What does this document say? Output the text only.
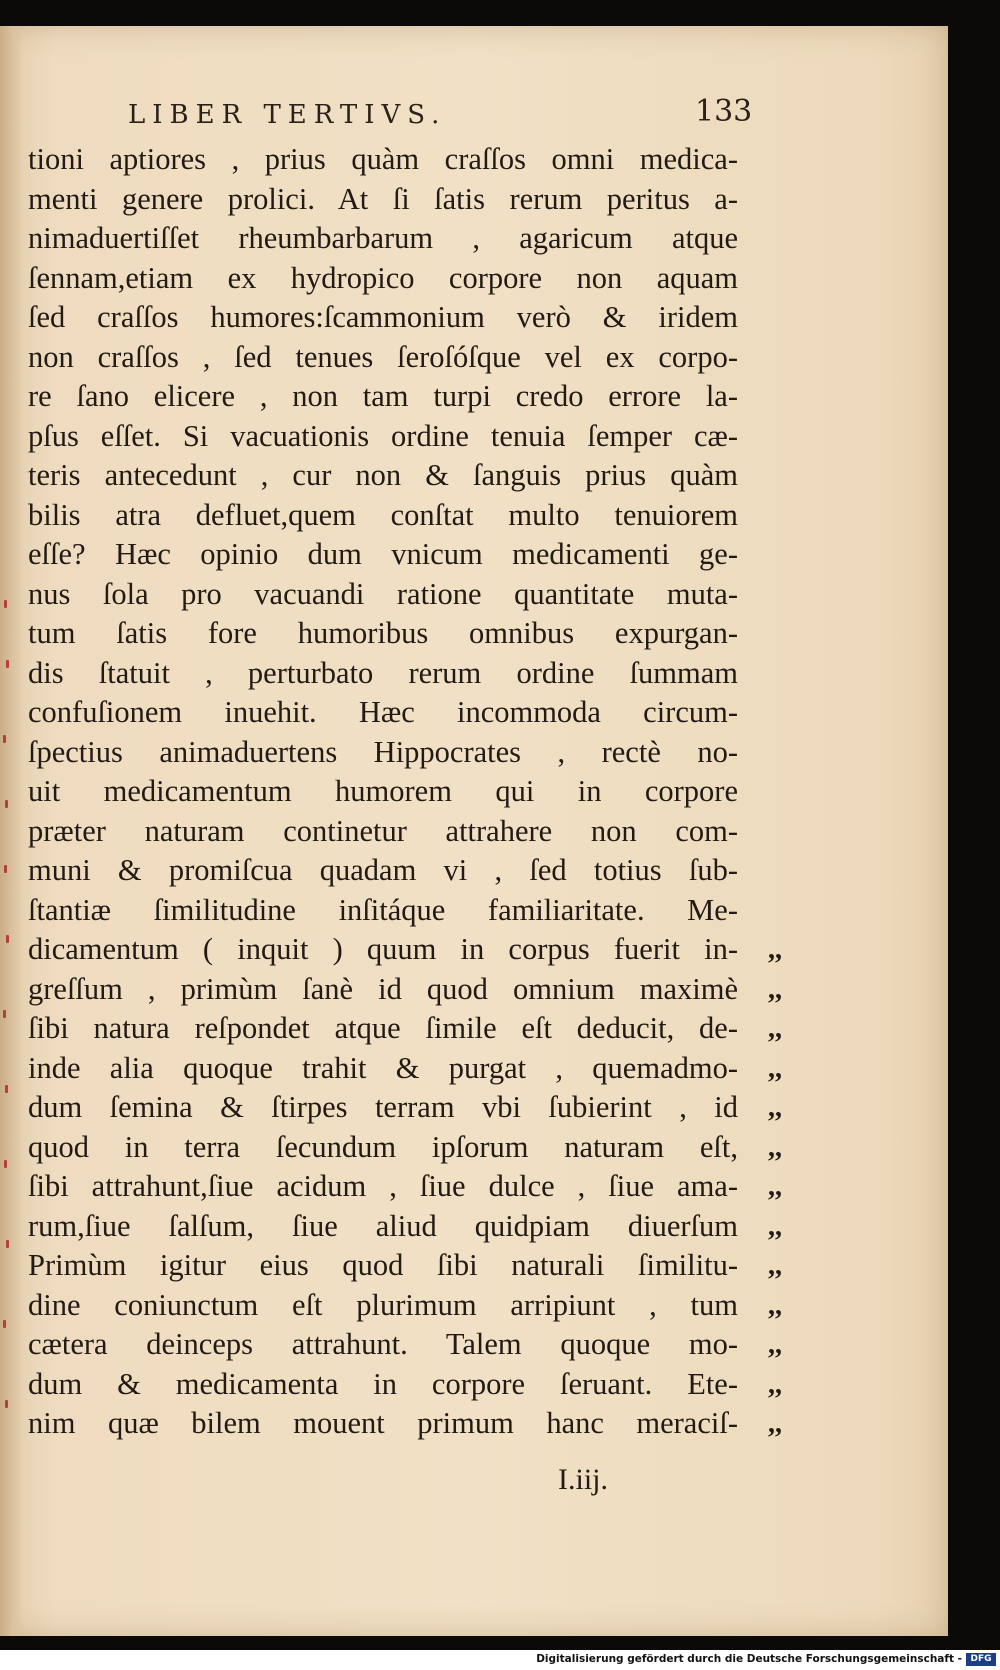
LIBER TERTIVS.	133
tioni aptiores , prius quàm craſſos omni medica-
menti genere prolici. At ſi ſatis rerum peritus a-
nimaduertiſſet rheumbarbarum , agaricum atque
ſennam,etiam ex hydropico corpore non aquam
ſed craſſos humores:ſcammonium verò & iridem
non craſſos , ſed tenues ſeroſóſque vel ex corpo-
re ſano elicere , non tam turpi credo errore la-
pſus eſſet. Si vacuationis ordine tenuia ſemper cæ-
teris antecedunt , cur non & ſanguis prius quàm
bilis atra defluet,quem conſtat multo tenuiorem
eſſe? Hæc opinio dum vnicum medicamenti ge-
nus ſola pro vacuandi ratione quantitate muta-
tum ſatis fore humoribus omnibus expurgan-
dis ſtatuit , perturbato rerum ordine ſummam
confuſionem inuehit. Hæc incommoda circum-
ſpectius animaduertens Hippocrates , rectè no-
uit medicamentum humorem qui in corpore
præter naturam continetur attrahere non com-
muni & promiſcua quadam vi , ſed totius ſub-
ſtantiæ ſimilitudine inſitáque familiaritate. Me-
dicamentum ( inquit ) quum in corpus fuerit in- ,,
greſſum , primùm ſanè id quod omnium maximè ,,
ſibi natura reſpondet atque ſimile eſt deducit, de- ,,
inde alia quoque trahit & purgat , quemadmo- ,,
dum ſemina & ſtirpes terram vbi ſubierint , id ,,
quod in terra ſecundum ipſorum naturam eſt, ,,
ſibi attrahunt,ſiue acidum , ſiue dulce , ſiue ama- ,,
rum,ſiue ſalſum, ſiue aliud quidpiam diuerſum ,,
Primùm igitur eius quod ſibi naturali ſimilitu- ,,
dine coniunctum eſt plurimum arripiunt , tum ,,
cætera deinceps attrahunt. Talem quoque mo- ,,
dum & medicamenta in corpore ſeruant. Ete- ,,
nim quæ bilem mouent primum hanc meraciſ- ,,
I.iij.
Digitalisierung gefördert durch die Deutsche Forschungsgemeinschaft - DFG
